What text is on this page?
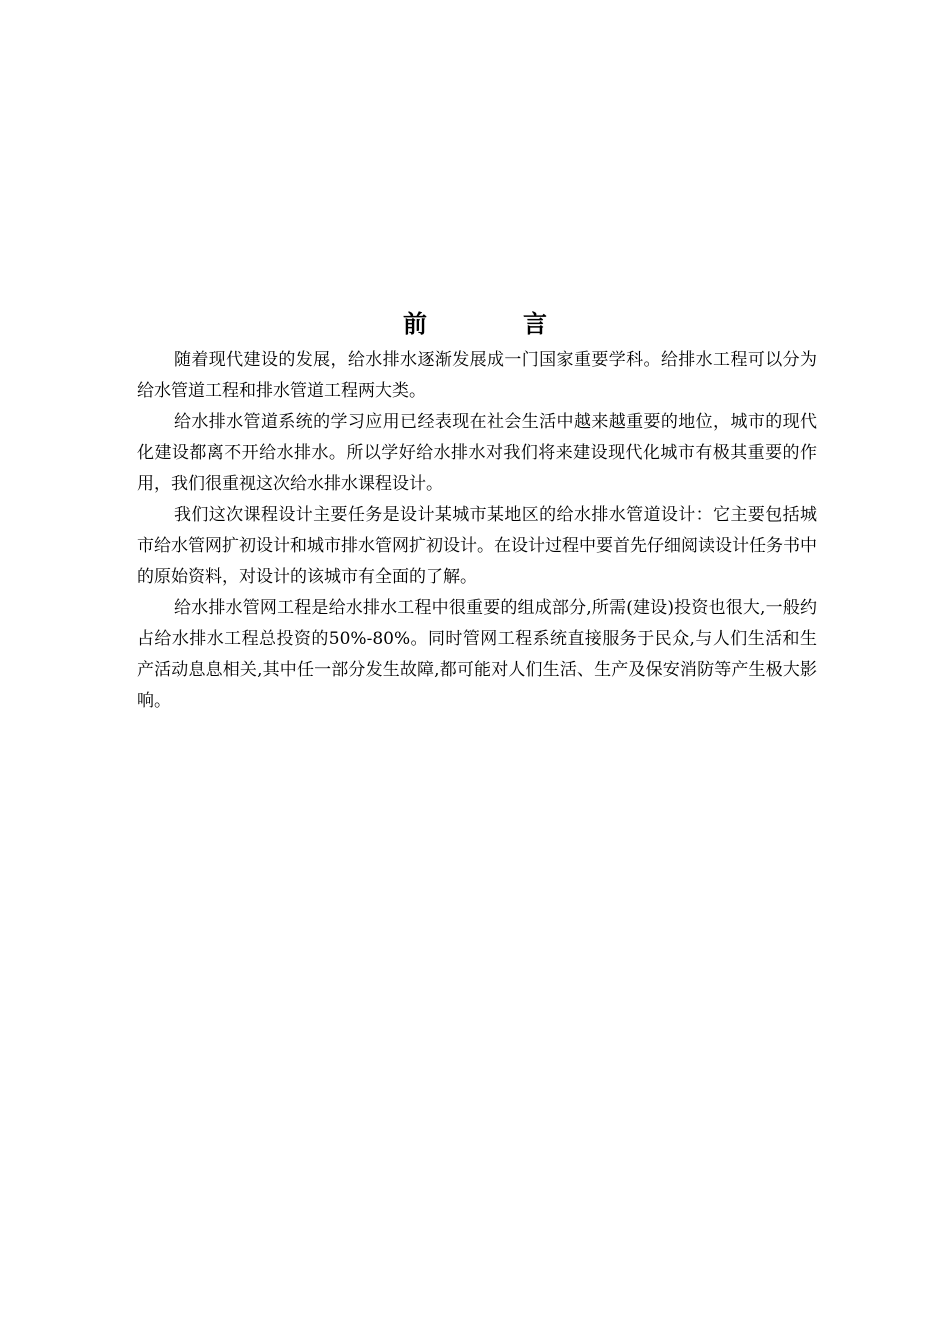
前　言

随着现代建设的发展，给水排水逐渐发展成一门国家重要学科。给排水工程可以分为给水管道工程和排水管道工程两大类。

给水排水管道系统的学习应用已经表现在社会生活中越来越重要的地位，城市的现代化建设都离不开给水排水。所以学好给水排水对我们将来建设现代化城市有极其重要的作用，我们很重视这次给水排水课程设计。

我们这次课程设计主要任务是设计某城市某地区的给水排水管道设计：它主要包括城市给水管网扩初设计和城市排水管网扩初设计。在设计过程中要首先仔细阅读设计任务书中的原始资料，对设计的该城市有全面的了解。

给水排水管网工程是给水排水工程中很重要的组成部分,所需(建设)投资也很大,一般约占给水排水工程总投资的50%-80%。同时管网工程系统直接服务于民众,与人们生活和生产活动息息相关,其中任一部分发生故障,都可能对人们生活、生产及保安消防等产生极大影响。
